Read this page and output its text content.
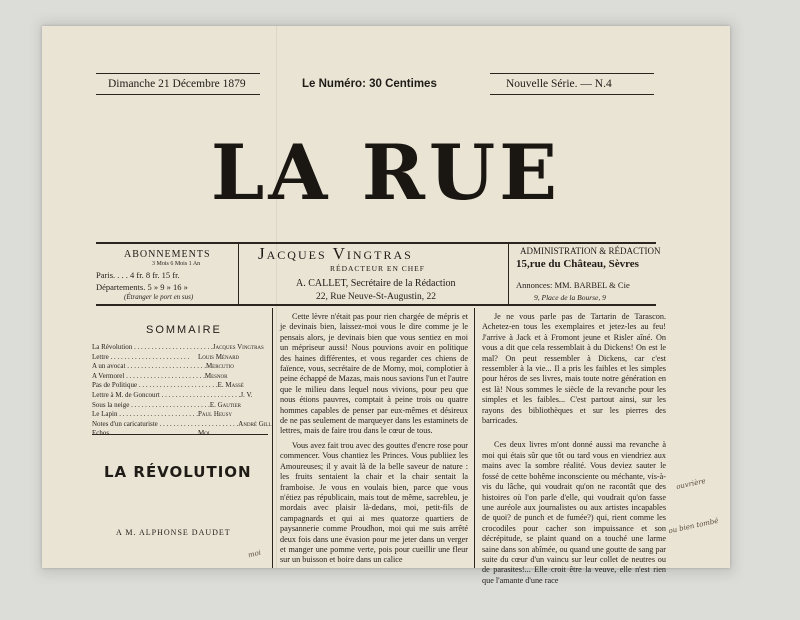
Dimanche 21 Décembre 1879	Le Numéro: 30 Centimes	Nouvelle Série. — N.4
LA RUE
ABONNEMENTS
3 Mois 6 Mois 1 An
Paris. . . . 4 fr. 8 fr. 15 fr.
Départements. 5 » 9 » 16 »
(Étranger le port en sus)
Jacques Vingtras
RÉDACTEUR EN CHEF
A. CALLET, Secrétaire de la Rédaction
22, Rue Neuve-St-Augustin, 22
ADMINISTRATION & RÉDACTION
15,rue du Château, Sèvres
Annonces: MM. BARBEL & Cie
9, Place de la Bourse, 9
SOMMAIRE
La Révolution . . .	Jacques Vingtras
Lettre . . .	Louis Ménard
A un avocat . . .	Mercutio
A Vermorel . . .	Mesnor
Pas de Politique . . .	E. Massé
Lettre à M. de Goncourt . . .	J. V.
Sous la neige . . .	E. Gautier
Le Lapin . . .	Paul Heusy
Notes d'un caricaturiste . . .	André Gill
. . .
LA RÉVOLUTION
A M. ALPHONSE DAUDET
moi

Cette lèvre n'était pas pour rien chargée de mépris et je devinais bien, laissez-moi vous le dire comme je le pensais alors, je devinais bien que vous sentiez en moi un mépriseur aussi! Nous pouvions avoir en politique des haines différentes, et vous regarder ces chiens de faïence, vous, secrétaire de de Morny, moi, complotier à peine échappé de Mazas, mais nous savions l'un et l'autre que le milieu dans lequel nous vivions, pour peu que nous étions pauvres, comptait à peine trois ou quatre hommes capables de penser par eux-mêmes et désireux de ne pas seulement de marqueyer dans les estaminets de lettres, mais de faire trou dans le cœur de tous.

Vous avez fait trou avec des gouttes d'encre rose pour commencer. Vous chantiez les Princes. Vous publiiez les Amoureuses; il y avait là de la belle saveur de nature : les fruits sentaient la chair et la chair sentait la framboise. Je vous en voulais bien, parce que vous n'étiez pas républicain, mais tout de même, sacrebleu, je mordais avec plaisir là-dedans, moi, petit-fils de campagnards et qui ai mes quatorze quartiers de paysannerie comme Proudhon, moi qui me suis arrêté deux fois dans une évasion pour me jeter dans un verger et manger une pomme verte, pois pour cueillir une fleur sur un buisson et boire dans un calice

Je ne vous parle pas de Tartarin de Tarascon. Achetez-en tous les exemplaires et jetez-les au feu! J'arrive à Jack et à Fromont jeune et Risler aîné. On vous a dit que cela ressemblait à du Dickens! On est le mal? On peut ressembler à Dickens, car c'est ressembler à la vie... Il a pris les faibles et les simples pour héros de ses livres, mais toute notre génération en est là! Nous sommes le siècle de la revanche pour les simples et les faibles... C'est partout ainsi, sur les rayons des bibliothèques et sur les pierres des barricades.

Ces deux livres m'ont donné aussi ma revanche à moi qui étais sûr que tôt ou tard vous en viendriez aux mains avec la sombre réalité. Vous deviez sauter le fossé de cette bohême inconsciente ou méchante, vis-à-vis du lâche, qui voudrait qu'on ne racontât que des histoires où l'on parle d'elle, qui voudrait qu'on fasse une auréole aux journalistes ou aux artistes incapables de quoi? de punch et de fumée?) qui, rient comme les crocodiles pour cacher son impuissance et son décrépitude, se plaint quand on a touché une larme saine dans son abîmée, ou quand une goutte de sang par suite du cœur d'un vaincu sur leur collet de neutres ou de parasites!... Elle croit être la veuve, elle n'est rien que l'amante d'une race

ouvrière
ou bien tombé
